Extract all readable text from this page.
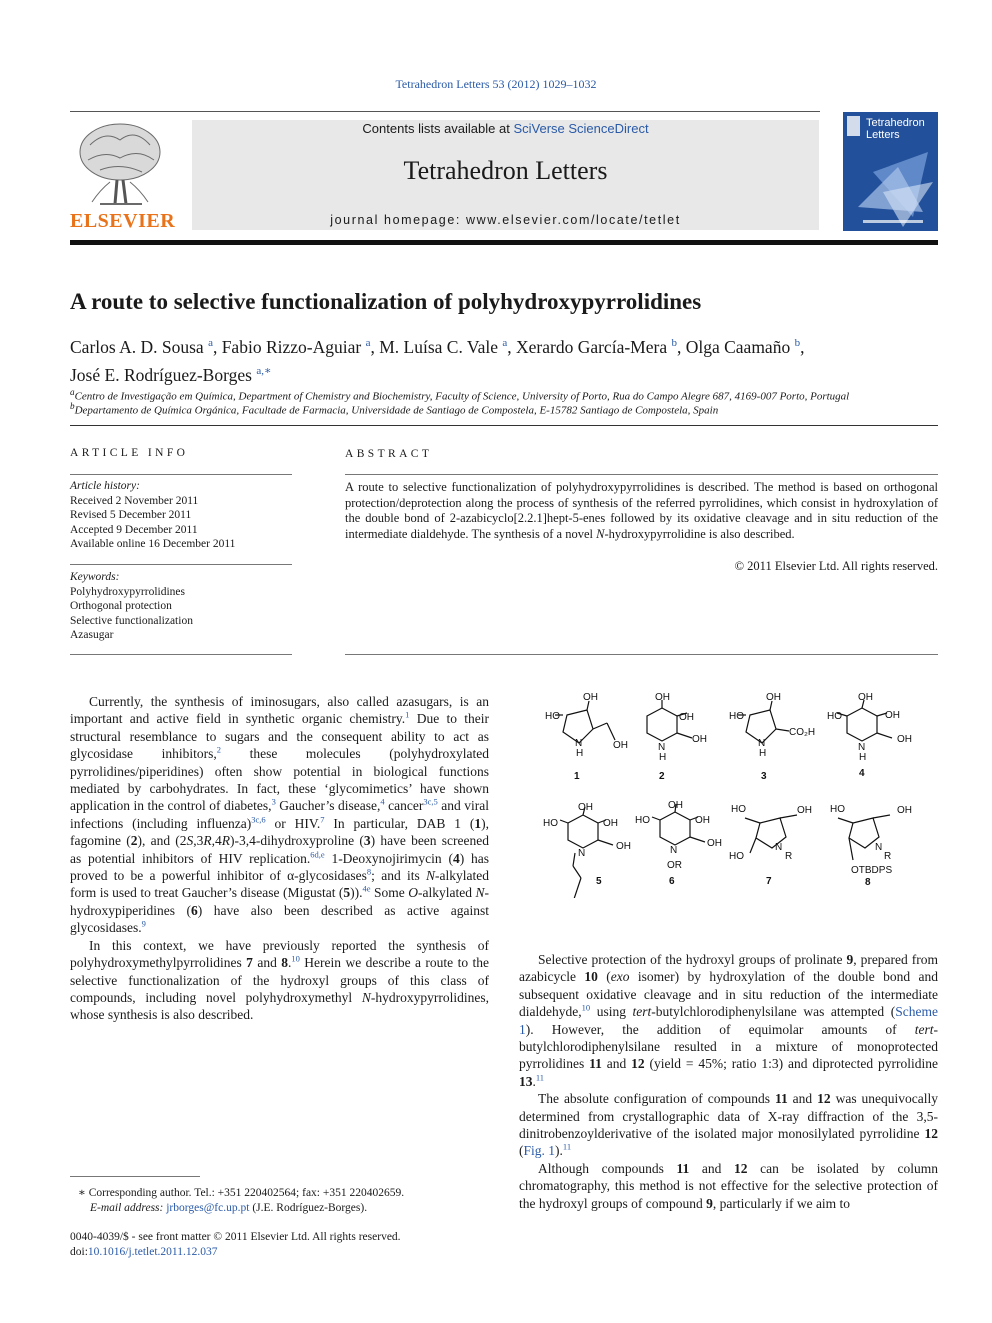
Tetrahedron Letters 53 (2012) 1029–1032
ELSEVIER
Contents lists available at SciVerse ScienceDirect
Tetrahedron Letters
journal homepage: www.elsevier.com/locate/tetlet
Tetrahedron
Letters
A route to selective functionalization of polyhydroxypyrrolidines
Carlos A. D. Sousa $^a$, Fabio Rizzo-Aguiar $^a$, M. Luísa C. Vale $^a$, Xerardo García-Mera $^b$, Olga Caamaño $^b$,
José E. Rodríguez-Borges $^{a,∗}$
$^a$Centro de Investigação em Química, Department of Chemistry and Biochemistry, Faculty of Science, University of Porto, Rua do Campo Alegre 687, 4169-007 Porto, Portugal
$^b$Departamento de Química Orgánica, Facultade de Farmacia, Universidade de Santiago de Compostela, E-15782 Santiago de Compostela, Spain
ARTICLE INFO
Article history:
Received 2 November 2011
Revised 5 December 2011
Accepted 9 December 2011
Available online 16 December 2011
Keywords:
Polyhydroxypyrrolidines
Orthogonal protection
Selective functionalization
Azasugar
ABSTRACT
A route to selective functionalization of polyhydroxypyrrolidines is described. The method is based on orthogonal protection/deprotection along the process of synthesis of the referred pyrrolidines, which consist in hydroxylation of the double bond of 2-azabicyclo[2.2.1]hept-5-enes followed by its oxidative cleavage and in situ reduction of the intermediate dialdehyde. The synthesis of a novel N-hydroxypyrrolidine is also described.
© 2011 Elsevier Ltd. All rights reserved.

Currently, the synthesis of iminosugars, also called azasugars, is an important and active field in synthetic organic chemistry.$^1$ Due to their structural resemblance to sugars and the consequent ability to act as glycosidase inhibitors,$^2$ these molecules (polyhydroxylated pyrrolidines/piperidines) often show potential in biological functions mediated by carbohydrates. In fact, these ‘glycomimetics’ have shown application in the control of diabetes,$^3$ Gaucher’s disease,$^4$ cancer$^{3c,5}$ and viral infections (including influenza)$^{3c,6}$ or HIV.$^7$ In particular, DAB 1 (1), fagomine (2), and (2S,3R,4R)-3,4-dihydroxyproline (3) have been screened as potential inhibitors of HIV replication.$^{6d,e}$ 1-Deoxynojirimycin (4) has proved to be a powerful inhibitor of α-glycosidases$^8$; and its N-alkylated form is used to treat Gaucher’s disease (Migustat (5)).$^{4e}$ Some O-alkylated N-hydroxypiperidines (6) have also been described as active against glycosidases.$^9$

In this context, we have previously reported the synthesis of polyhydroxymethylpyrrolidines 7 and 8.10 Herein we describe a route to the selective functionalization of the hydroxyl groups of this class of compounds, including novel polyhydroxymethyl N-hydroxypyrrolidines, whose synthesis is also described.

HO
OH
OH
N
H
1
OH
OH
OH
N
H
2
HO
OH
CO₂H
N
H
3
HO
OH
OH
OH
N
H
4
HO
OH
OH
OH
N
5
HO
OH
OH
OH
N
OR
6
HO	OH
HO
N
R
7
HO	OH
N
R
OTBDPS
8

Selective protection of the hydroxyl groups of prolinate 9, prepared from azabicycle 10 (exo isomer) by hydroxylation of the double bond and subsequent oxidative cleavage and in situ reduction of the intermediate dialdehyde,$^{10}$ using tert-butylchlorodiphenylsilane was attempted (Scheme 1). However, the addition of equimolar amounts of tert-butylchlorodiphenylsilane resulted in a mixture of monoprotected pyrrolidines 11 and 12 (yield = 45%; ratio 1:3) and diprotected pyrrolidine 13.11

The absolute configuration of compounds 11 and 12 was unequivocally determined from crystallographic data of X-ray diffraction of the 3,5-dinitrobenzoylderivative of the isolated major monosilylated pyrrolidine 12 (Fig. 1).$^{11}$

Although compounds 11 and 12 can be isolated by column chromatography, this method is not effective for the selective protection of the hydroxyl groups of compound 9, particularly if we aim to

∗ Corresponding author. Tel.: +351 220402564; fax: +351 220402659.
E-mail address: jrborges@fc.up.pt (J.E. Rodríguez-Borges).
0040-4039/$ - see front matter © 2011 Elsevier Ltd. All rights reserved.
doi:10.1016/j.tetlet.2011.12.037
